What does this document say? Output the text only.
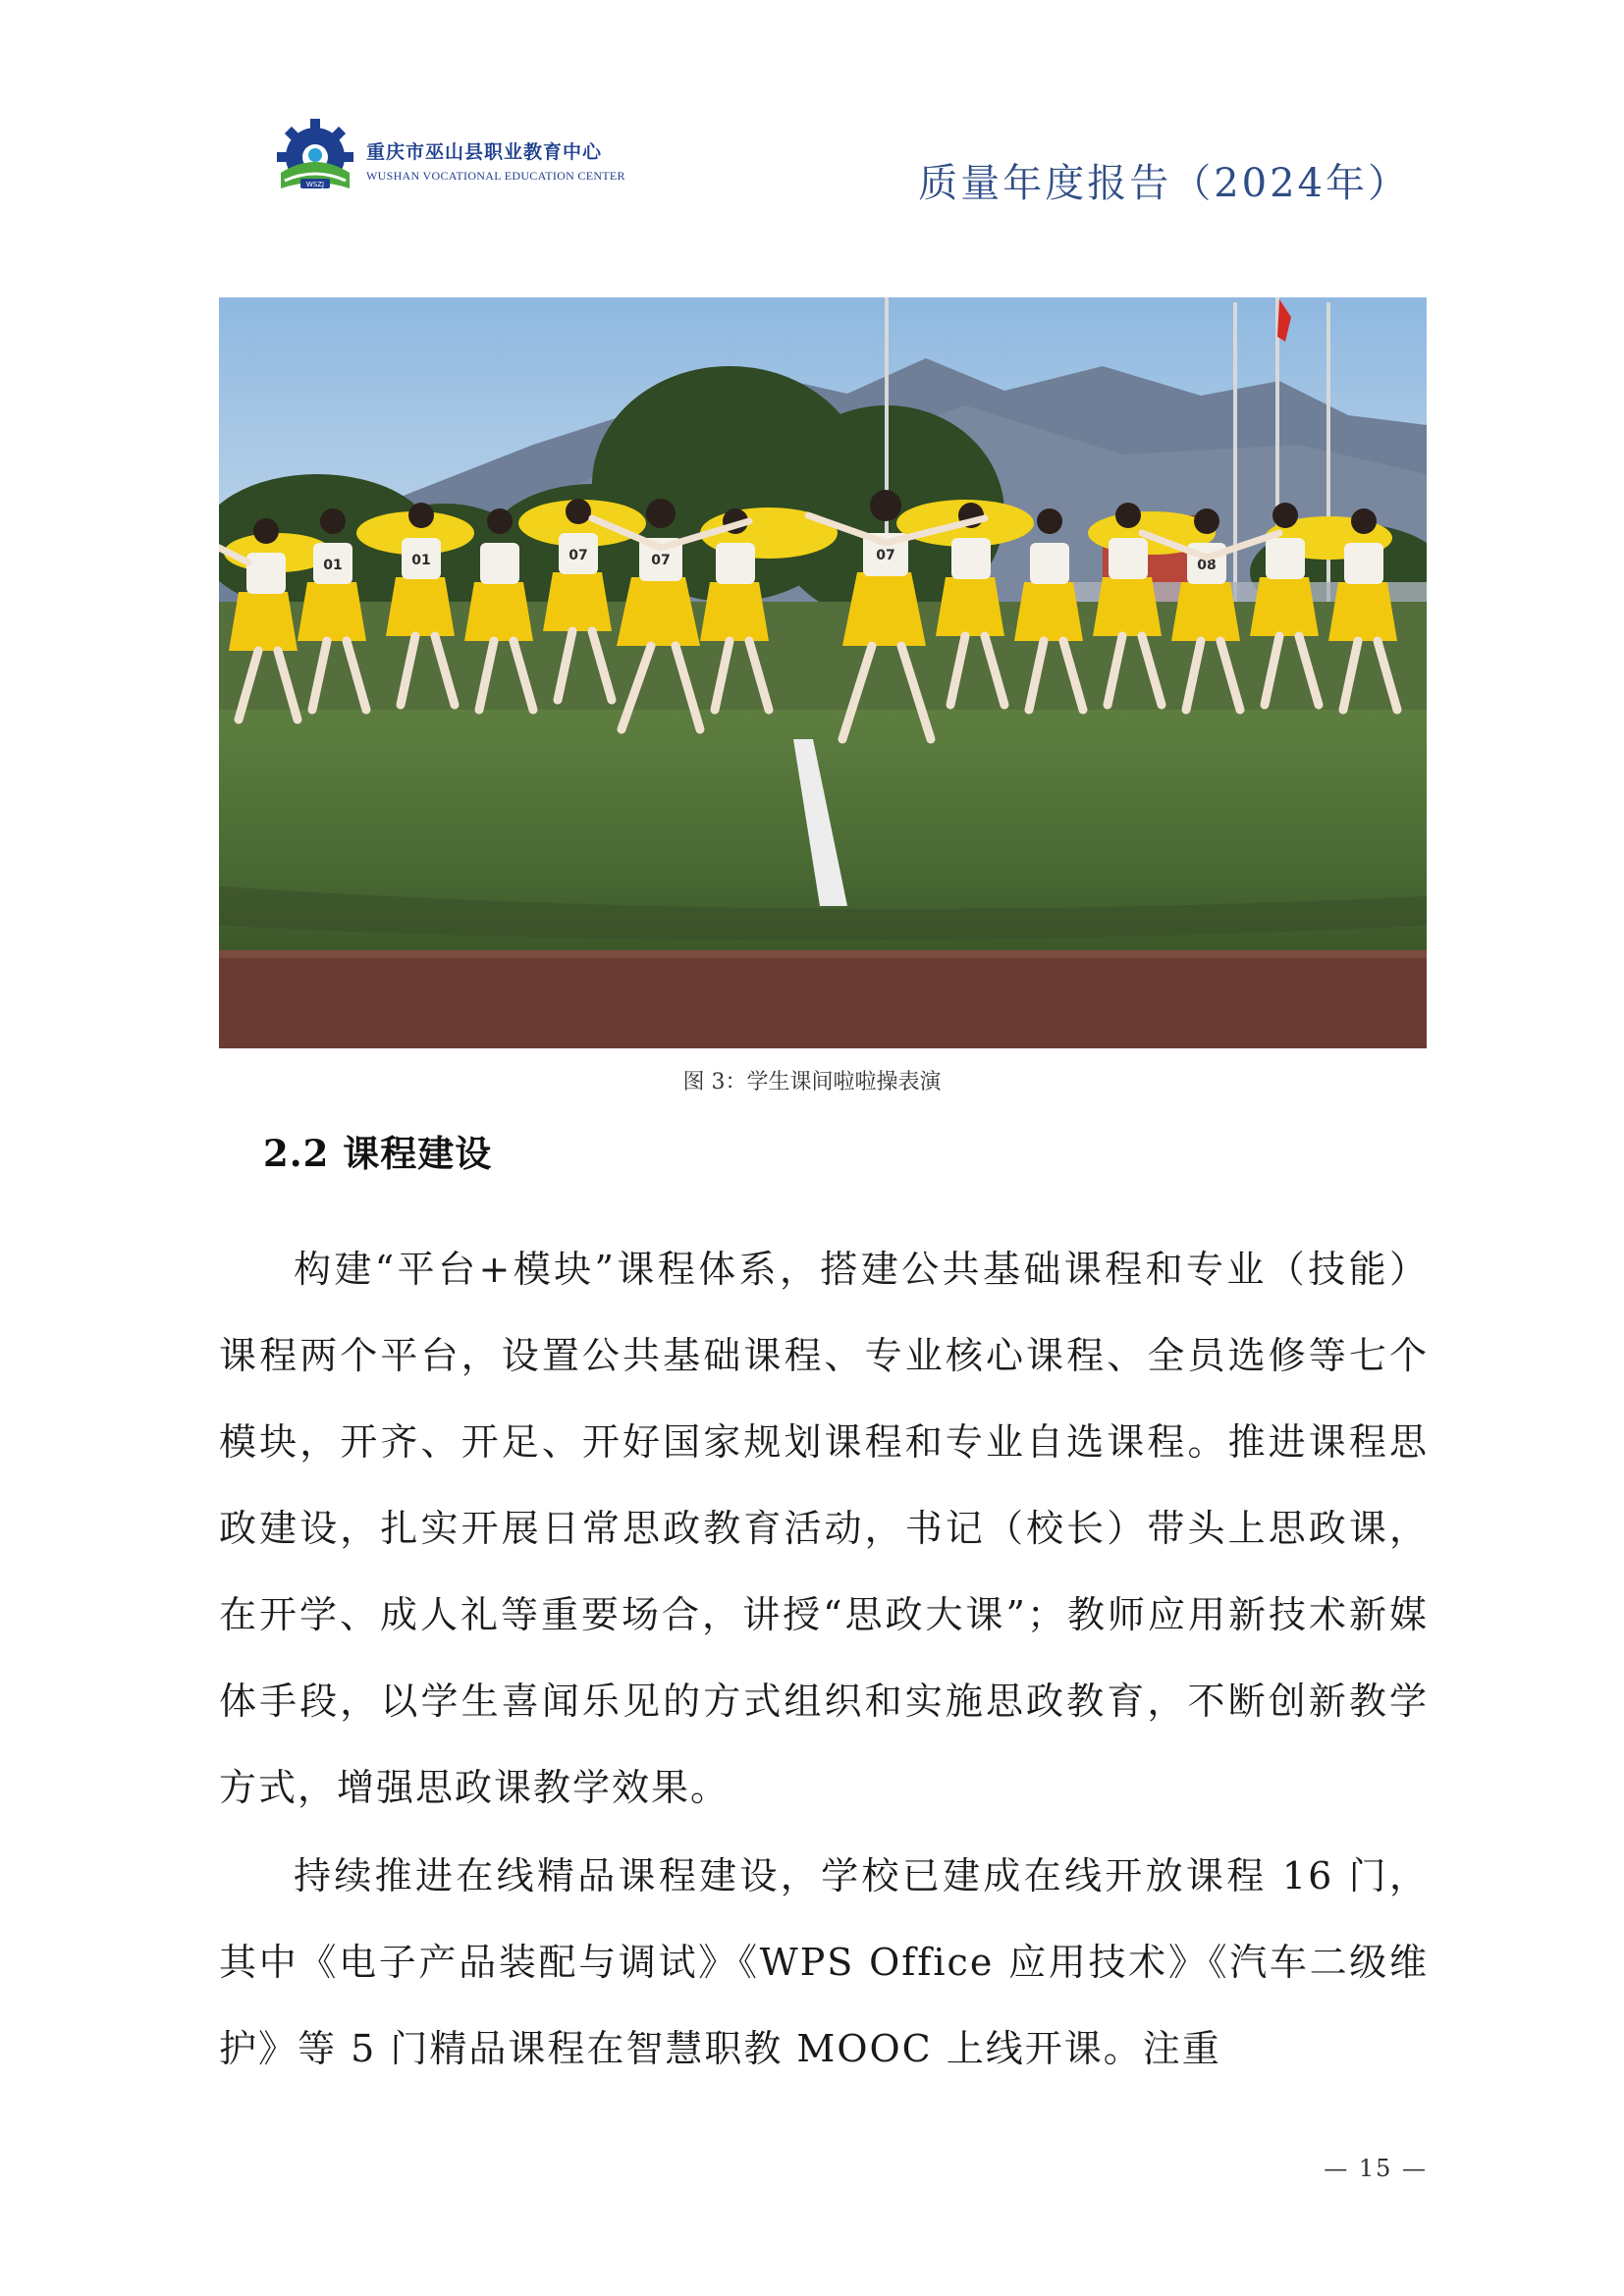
WSZJ
重庆市巫山县职业教育中心
WUSHAN VOCATIONAL EDUCATION CENTER	质量年度报告（2024年）
01	01	07	07	07
08
图 3：学生课间啦啦操表演
2.2 课程建设

构建“平台+模块”课程体系，搭建公共基础课程和专业（技能）课程两个平台，设置公共基础课程、专业核心课程、全员选修等七个模块，开齐、开足、开好国家规划课程和专业自选课程。推进课程思政建设，扎实开展日常思政教育活动，书记（校长）带头上思政课，在开学、成人礼等重要场合，讲授“思政大课”；教师应用新技术新媒体手段，以学生喜闻乐见的方式组织和实施思政教育，不断创新教学方式，增强思政课教学效果。

持续推进在线精品课程建设，学校已建成在线开放课程 16 门，其中《电子产品装配与调试》《WPS Office 应用技术》《汽车二级维护》等 5 门精品课程在智慧职教 MOOC 上线开课。注重

— 15 —
